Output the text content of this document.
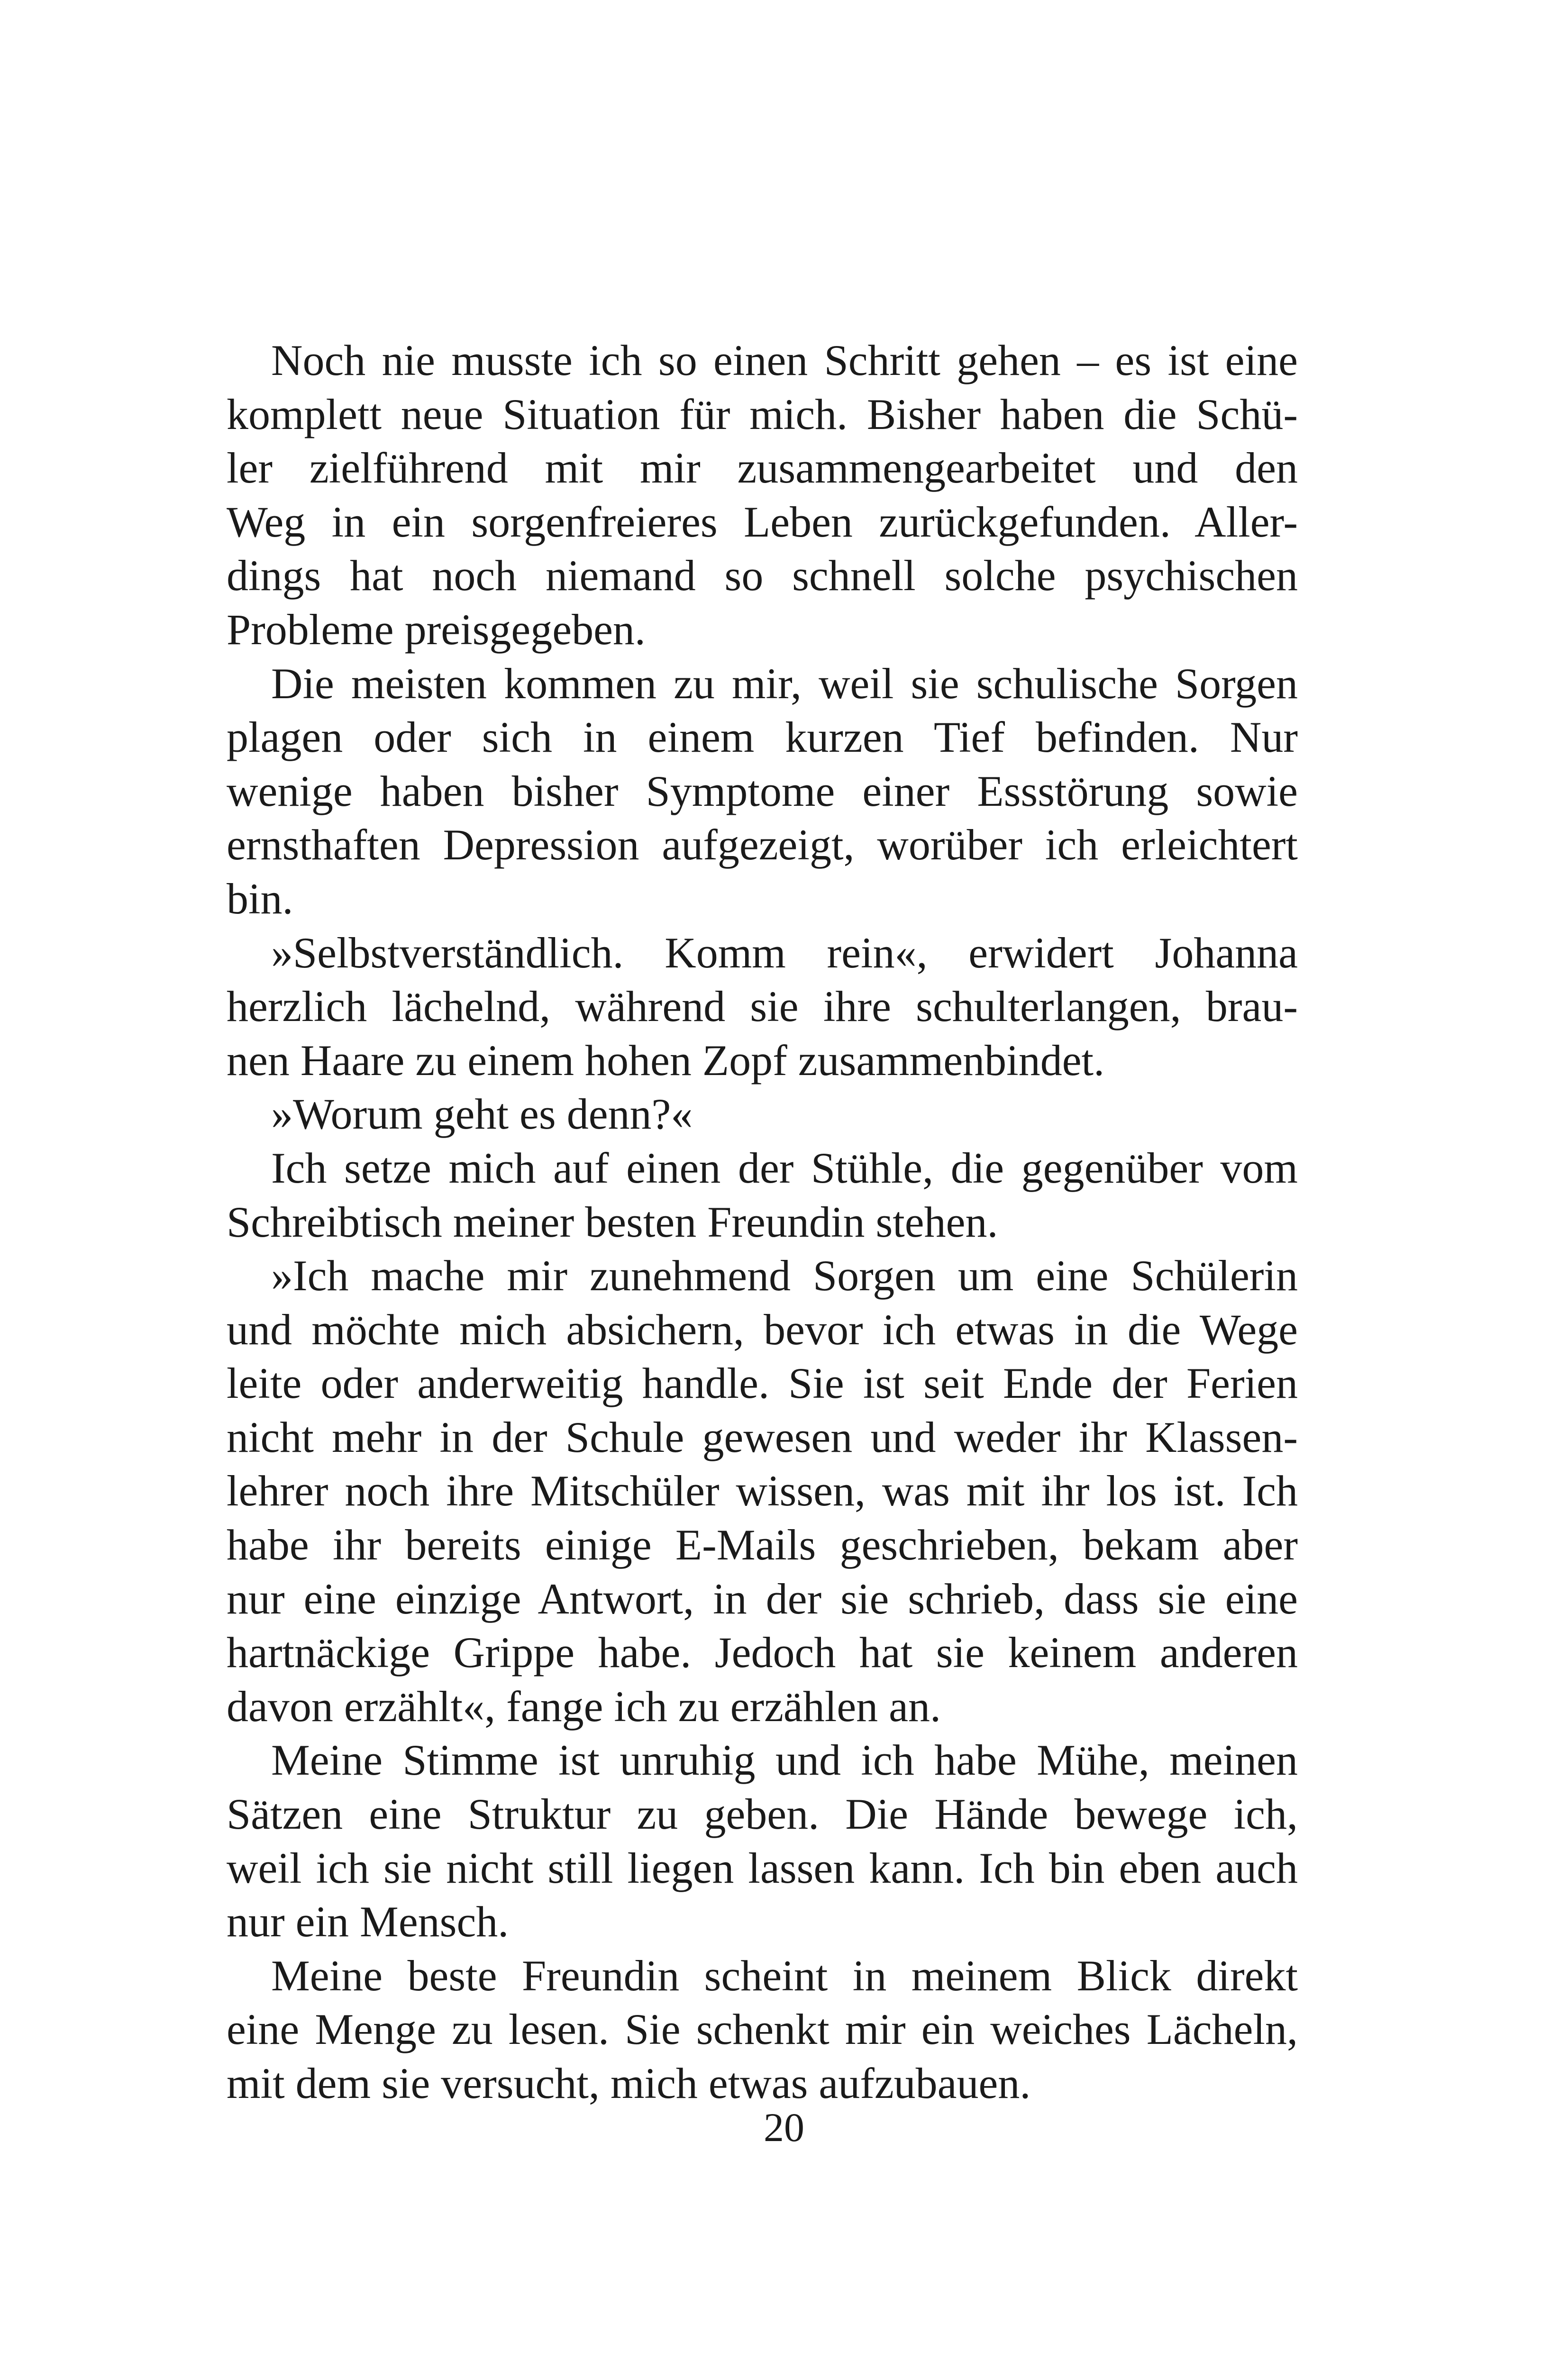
Noch nie musste ich so einen Schritt gehen – es ist eine
komplett neue Situation für mich. Bisher haben die Schü-
ler zielführend mit mir zusammengearbeitet und den
Weg in ein sorgenfreieres Leben zurückgefunden. Aller-
dings hat noch niemand so schnell solche psychischen
Probleme preisgegeben.
Die meisten kommen zu mir, weil sie schulische Sorgen
plagen oder sich in einem kurzen Tief befinden. Nur
wenige haben bisher Symptome einer Essstörung sowie
ernsthaften Depression aufgezeigt, worüber ich erleichtert
bin.
»Selbstverständlich. Komm rein«, erwidert Johanna
herzlich lächelnd, während sie ihre schulterlangen, brau-
nen Haare zu einem hohen Zopf zusammenbindet.
»Worum geht es denn?«
Ich setze mich auf einen der Stühle, die gegenüber vom
Schreibtisch meiner besten Freundin stehen.
»Ich mache mir zunehmend Sorgen um eine Schülerin
und möchte mich absichern, bevor ich etwas in die Wege
leite oder anderweitig handle. Sie ist seit Ende der Ferien
nicht mehr in der Schule gewesen und weder ihr Klassen-
lehrer noch ihre Mitschüler wissen, was mit ihr los ist. Ich
habe ihr bereits einige E-Mails geschrieben, bekam aber
nur eine einzige Antwort, in der sie schrieb, dass sie eine
hartnäckige Grippe habe. Jedoch hat sie keinem anderen
davon erzählt«, fange ich zu erzählen an.
Meine Stimme ist unruhig und ich habe Mühe, meinen
Sätzen eine Struktur zu geben. Die Hände bewege ich,
weil ich sie nicht still liegen lassen kann. Ich bin eben auch
nur ein Mensch.
Meine beste Freundin scheint in meinem Blick direkt
eine Menge zu lesen. Sie schenkt mir ein weiches Lächeln,
mit dem sie versucht, mich etwas aufzubauen.
20
